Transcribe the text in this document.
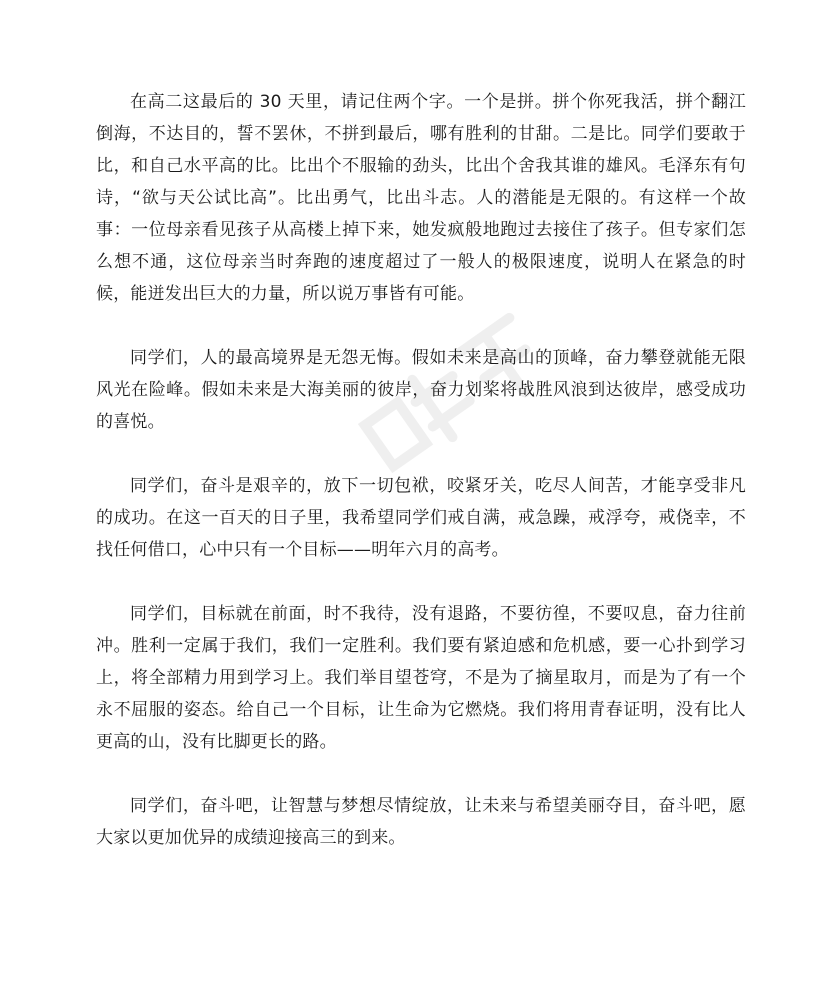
在高二这最后的 30 天里，请记住两个字。一个是拼。拼个你死我活，拼个翻江倒海，不达目的，誓不罢休，不拼到最后，哪有胜利的甘甜。二是比。同学们要敢于比，和自己水平高的比。比出个不服输的劲头，比出个舍我其谁的雄风。毛泽东有句诗，“欲与天公试比高”。比出勇气，比出斗志。人的潜能是无限的。有这样一个故事：一位母亲看见孩子从高楼上掉下来，她发疯般地跑过去接住了孩子。但专家们怎么想不通，这位母亲当时奔跑的速度超过了一般人的极限速度，说明人在紧急的时候，能迸发出巨大的力量，所以说万事皆有可能。

同学们，人的最高境界是无怨无悔。假如未来是高山的顶峰，奋力攀登就能无限风光在险峰。假如未来是大海美丽的彼岸，奋力划桨将战胜风浪到达彼岸，感受成功的喜悦。

同学们，奋斗是艰辛的，放下一切包袱，咬紧牙关，吃尽人间苦，才能享受非凡的成功。在这一百天的日子里，我希望同学们戒自满，戒急躁，戒浮夸，戒侥幸，不找任何借口，心中只有一个目标——明年六月的高考。

同学们，目标就在前面，时不我待，没有退路，不要彷徨，不要叹息，奋力往前冲。胜利一定属于我们，我们一定胜利。我们要有紧迫感和危机感，要一心扑到学习上，将全部精力用到学习上。我们举目望苍穹，不是为了摘星取月，而是为了有一个永不屈服的姿态。给自己一个目标，让生命为它燃烧。我们将用青春证明，没有比人更高的山，没有比脚更长的路。

同学们，奋斗吧，让智慧与梦想尽情绽放，让未来与希望美丽夺目，奋斗吧，愿大家以更加优异的成绩迎接高三的到来。
